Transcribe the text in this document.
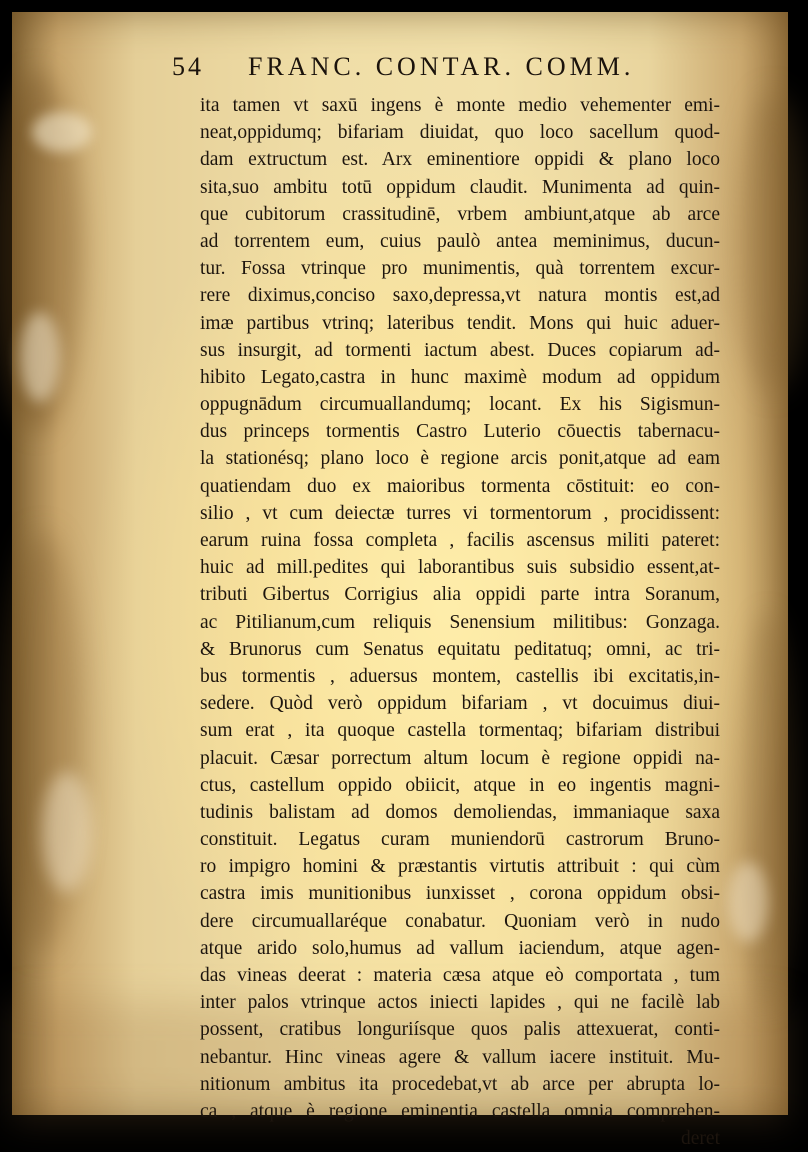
54 FRANC. CONTAR. COMM.
ita tamen vt saxū ingens è monte medio vehementer emi-
neat,oppidumq; bifariam diuidat, quo loco sacellum quod-
dam extructum est. Arx eminentiore oppidi & plano loco
sita,suo ambitu totū oppidum claudit. Munimenta ad quin-
que cubitorum crassitudinē, vrbem ambiunt,atque ab arce
ad torrentem eum, cuius paulò antea meminimus, ducun-
tur. Fossa vtrinque pro munimentis, quà torrentem excur-
rere diximus,conciso saxo,depressa,vt natura montis est,ad
imæ partibus vtrinq; lateribus tendit. Mons qui huic aduer-
sus insurgit, ad tormenti iactum abest. Duces copiarum ad-
hibito Legato,castra in hunc maximè modum ad oppidum
oppugnādum circumuallandumq; locant. Ex his Sigismun-
dus princeps tormentis Castro Luterio cōuectis tabernacu-
la stationésq; plano loco è regione arcis ponit,atque ad eam
quatiendam duo ex maioribus tormenta cōstituit: eo con-
silio , vt cum deiectæ turres vi tormentorum , procidissent:
earum ruina fossa completa , facilis ascensus militi pateret:
huic ad mill.pedites qui laborantibus suis subsidio essent,at-
tributi Gibertus Corrigius alia oppidi parte intra Soranum,
ac Pitilianum,cum reliquis Senensium militibus: Gonzaga.
& Brunorus cum Senatus equitatu peditatuq; omni, ac tri-
bus tormentis , aduersus montem, castellis ibi excitatis,in-
sedere. Quòd verò oppidum bifariam , vt docuimus diui-
sum erat , ita quoque castella tormentaq; bifariam distribui
placuit. Cæsar porrectum altum locum è regione oppidi na-
ctus, castellum oppido obiicit, atque in eo ingentis magni-
tudinis balistam ad domos demoliendas, immaniaque saxa
constituit. Legatus curam muniendorū castrorum Bruno-
ro impigro homini & præstantis virtutis attribuit : qui cùm
castra imis munitionibus iunxisset , corona oppidum obsi-
dere circumuallaréque conabatur. Quoniam verò in nudo
atque arido solo,humus ad vallum iaciendum, atque agen-
das vineas deerat : materia cæsa atque eò comportata , tum
inter palos vtrinque actos iniecti lapides , qui ne facilè lab
possent, cratibus longuriísque quos palis attexuerat, conti-
nebantur. Hinc vineas agere & vallum iacere instituit. Mu-
nitionum ambitus ita procedebat,vt ab arce per abrupta lo-
ca , atque è regione eminentia castella omnia comprehen-
deret
